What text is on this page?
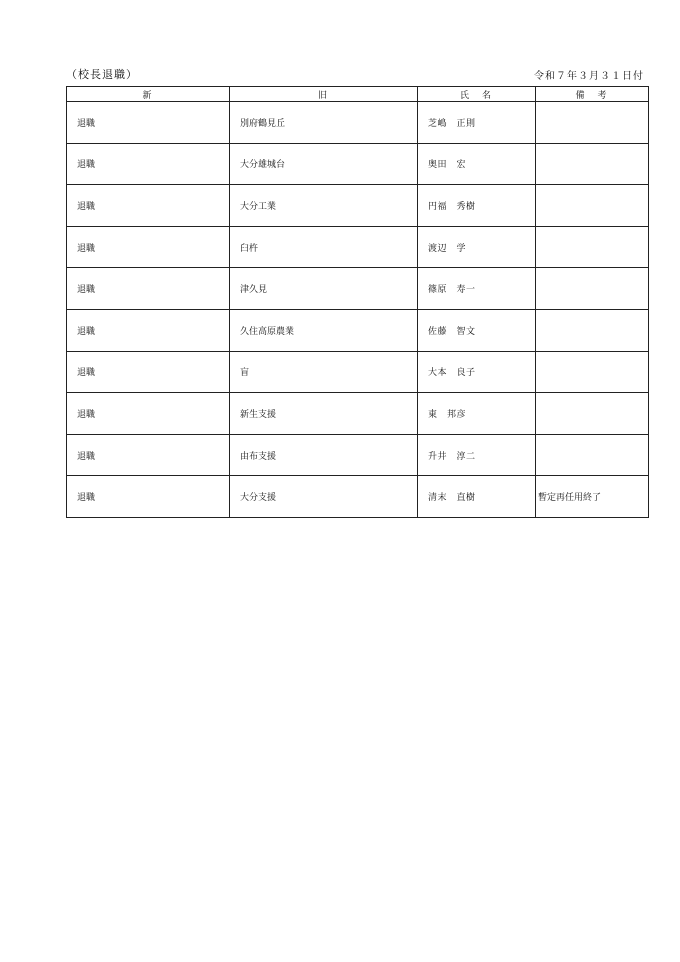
（校長退職）	令和７年３月３１日付
新	旧	氏　名	備　考
退職	別府鶴見丘	芝嶋　正則	
退職	大分雄城台	奥田　宏	
退職	大分工業	円福　秀樹	
退職	臼杵	渡辺　学	
退職	津久見	篠原　寿一	
退職	久住高原農業	佐藤　智文	
退職	盲	大本　良子	
退職	新生支援	東　邦彦	
退職	由布支援	升井　淳二	
退職	大分支援	清末　直樹	暫定再任用終了
